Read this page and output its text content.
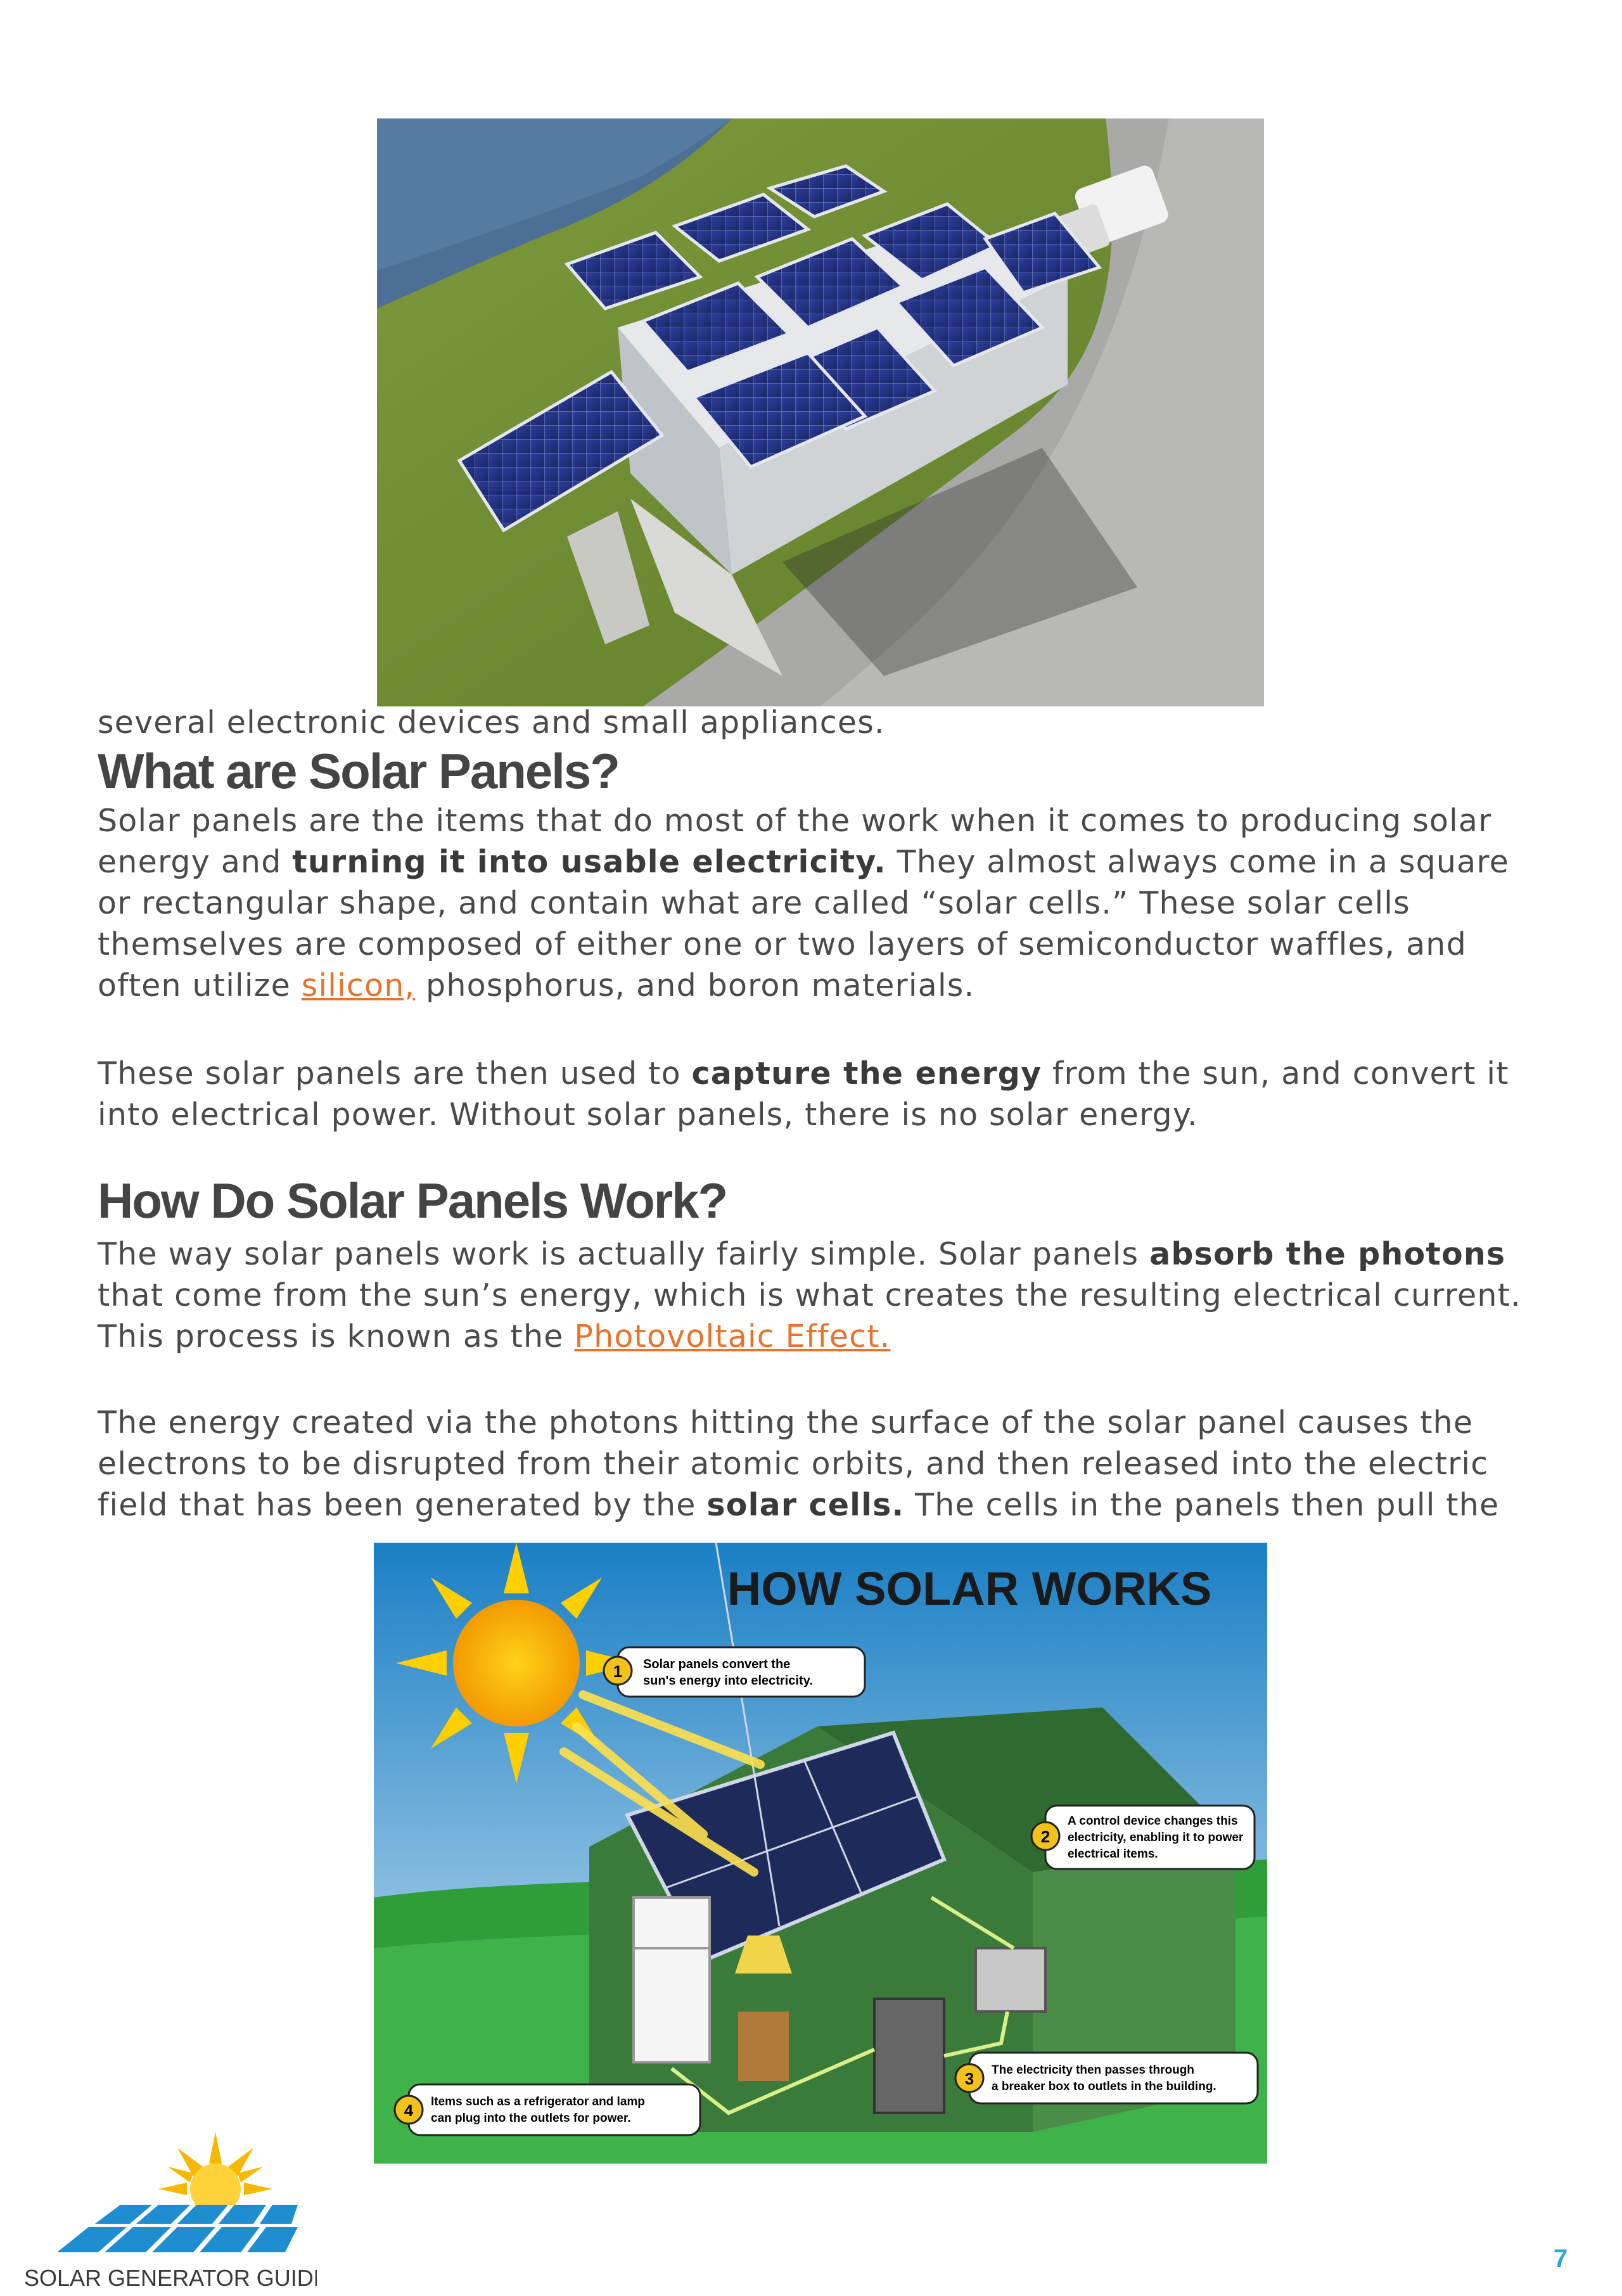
several electronic devices and small appliances.

What are Solar Panels?

Solar panels are the items that do most of the work when it comes to producing solar energy and turning it into usable electricity. They almost always come in a square or rectangular shape, and contain what are called “solar cells.” These solar cells themselves are composed of either one or two layers of semiconductor waffles, and often utilize silicon, phosphorus, and boron materials.

These solar panels are then used to capture the energy from the sun, and convert it into electrical power. Without solar panels, there is no solar energy.

How Do Solar Panels Work?

The way solar panels work is actually fairly simple. Solar panels absorb the photons that come from the sun’s energy, which is what creates the resulting electrical current. This process is known as the Photovoltaic Effect.

The energy created via the photons hitting the surface of the solar panel causes the electrons to be disrupted from their atomic orbits, and then released into the electric field that has been generated by the solar cells. The cells in the panels then pull the

HOW SOLAR WORKS
1 Solar panels convert the
sun's energy into electricity.
2
A control device changes this
electricity, enabling it to power
electrical items.
3 The electricity then passes through
a breaker box to outlets in the building.
4 Items such as a refrigerator and lamp
can plug into the outlets for power.
SOLAR GENERATOR GUIDE
7
